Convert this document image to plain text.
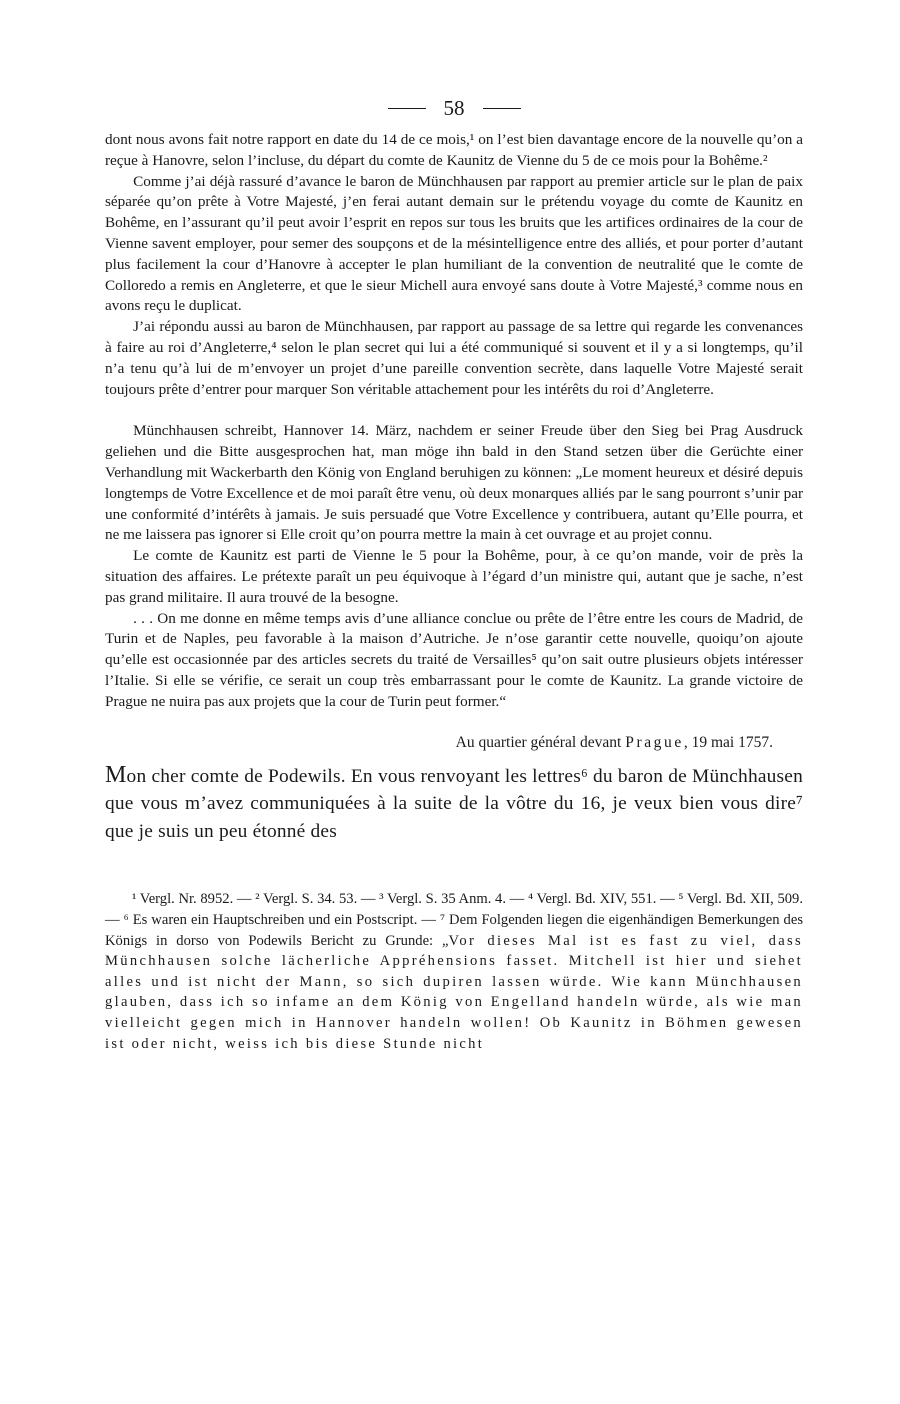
58

dont nous avons fait notre rapport en date du 14 de ce mois,¹ on l’est bien davantage encore de la nouvelle qu’on a reçue à Hanovre, selon l’incluse, du départ du comte de Kaunitz de Vienne du 5 de ce mois pour la Bohême.²

Comme j’ai déjà rassuré d’avance le baron de Münchhausen par rapport au premier article sur le plan de paix séparée qu’on prête à Votre Majesté, j’en ferai autant demain sur le prétendu voyage du comte de Kaunitz en Bohême, en l’assurant qu’il peut avoir l’esprit en repos sur tous les bruits que les artifices ordinaires de la cour de Vienne savent employer, pour semer des soupçons et de la mésintelligence entre des alliés, et pour porter d’autant plus facilement la cour d’Hanovre à accepter le plan humiliant de la convention de neutralité que le comte de Colloredo a remis en Angleterre, et que le sieur Michell aura envoyé sans doute à Votre Majesté,³ comme nous en avons reçu le duplicat.

J’ai répondu aussi au baron de Münchhausen, par rapport au passage de sa lettre qui regarde les convenances à faire au roi d’Angleterre,⁴ selon le plan secret qui lui a été communiqué si souvent et il y a si longtemps, qu’il n’a tenu qu’à lui de m’envoyer un projet d’une pareille convention secrète, dans laquelle Votre Majesté serait toujours prête d’entrer pour marquer Son véritable attachement pour les intérêts du roi d’Angleterre.

Münchhausen schreibt, Hannover 14. März, nachdem er seiner Freude über den Sieg bei Prag Ausdruck geliehen und die Bitte ausgesprochen hat, man möge ihn bald in den Stand setzen über die Gerüchte einer Verhandlung mit Wackerbarth den König von England beruhigen zu können: „Le moment heureux et désiré depuis longtemps de Votre Excellence et de moi paraît être venu, où deux monarques alliés par le sang pourront s’unir par une conformité d’intérêts à jamais. Je suis persuadé que Votre Excellence y contribuera, autant qu’Elle pourra, et ne me laissera pas ignorer si Elle croit qu’on pourra mettre la main à cet ouvrage et au projet connu.

Le comte de Kaunitz est parti de Vienne le 5 pour la Bohême, pour, à ce qu’on mande, voir de près la situation des affaires. Le prétexte paraît un peu équivoque à l’égard d’un ministre qui, autant que je sache, n’est pas grand militaire. Il aura trouvé de la besogne.

. . . On me donne en même temps avis d’une alliance conclue ou prête de l’être entre les cours de Madrid, de Turin et de Naples, peu favorable à la maison d’Autriche. Je n’ose garantir cette nouvelle, quoiqu’on ajoute qu’elle est occasionnée par des articles secrets du traité de Versailles⁵ qu’on sait outre plusieurs objets intéresser l’Italie. Si elle se vérifie, ce serait un coup très embarrassant pour le comte de Kaunitz. La grande victoire de Prague ne nuira pas aux projets que la cour de Turin peut former.“

Au quartier général devant Prague, 19 mai 1757.

Mon cher comte de Podewils. En vous renvoyant les lettres⁶ du baron de Münchhausen que vous m’avez communiquées à la suite de la vôtre du 16, je veux bien vous dire⁷ que je suis un peu étonné des

¹ Vergl. Nr. 8952. — ² Vergl. S. 34. 53. — ³ Vergl. S. 35 Anm. 4. — ⁴ Vergl. Bd. XIV, 551. — ⁵ Vergl. Bd. XII, 509. — ⁶ Es waren ein Hauptschreiben und ein Postscript. — ⁷ Dem Folgenden liegen die eigenhändigen Bemerkungen des Königs in dorso von Podewils Bericht zu Grunde: „Vor dieses Mal ist es fast zu viel, dass Münchhausen solche lächerliche Appréhensions fasset. Mitchell ist hier und siehet alles und ist nicht der Mann, so sich dupiren lassen würde. Wie kann Münchhausen glauben, dass ich so infame an dem König von Engelland handeln würde, als wie man vielleicht gegen mich in Hannover handeln wollen! Ob Kaunitz in Böhmen gewesen ist oder nicht, weiss ich bis diese Stunde nicht
